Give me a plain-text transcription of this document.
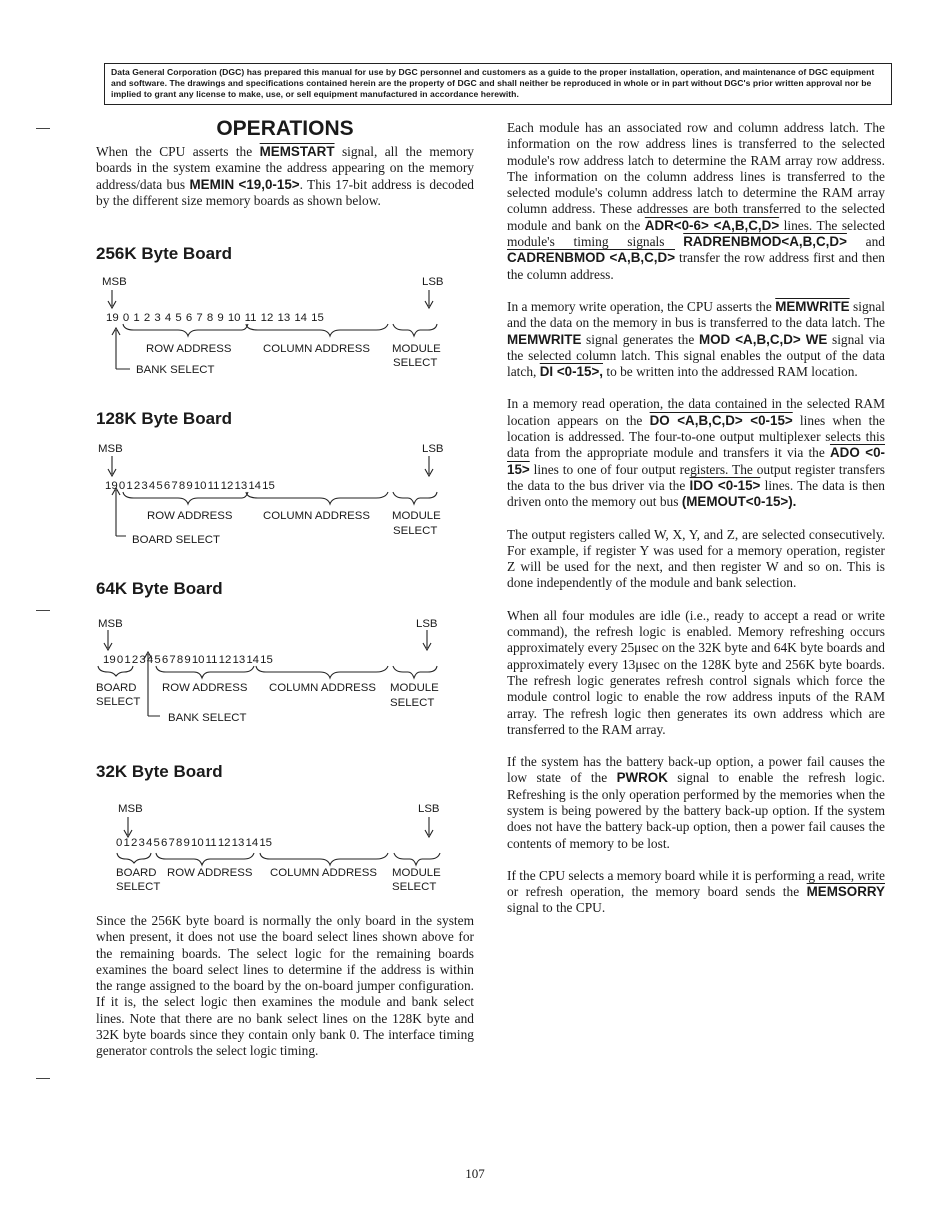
Data General Corporation (DGC) has prepared this manual for use by DGC personnel and customers as a guide to the proper installation, operation, and maintenance of DGC equipment and software. The drawings and specifications contained herein are the property of DGC and shall neither be reproduced in whole or in part without DGC's prior written approval nor be implied to grant any license to make, use, or sell equipment manufactured in accordance herewith.
OPERATIONS

When the CPU asserts the MEMSTART signal, all the memory boards in the system examine the address appearing on the memory address/data bus MEMIN <19,0-15>. This 17-bit address is decoded by the different size memory boards as shown below.

256K Byte Board
MSB	LSB
19 0 1 2 3 4 5 6 7 8 9 10 11 12 13 14 15
ROW ADDRESS	COLUMN ADDRESS MODULE
SELECT
BANK SELECT
128K Byte Board
MSB	LSB
19 0 1 2 3 4 5 6 7 8 9 10 11 12 13 14 15
ROW ADDRESS	COLUMN ADDRESS MODULE
SELECT
BOARD SELECT
64K Byte Board
MSB	LSB
19 0 1 2 3 4 5 6 7 8 9 10 11 12 13 14 15
BOARD
SELECT
ROW ADDRESS COLUMN ADDRESS MODULE
SELECT
BANK SELECT
32K Byte Board
MSB	LSB
0 1 2 3 4 5 6 7 8 9 10 11 12 13 14 15
BOARD
SELECT
ROW ADDRESS COLUMN ADDRESS MODULE
SELECT
Since the 256K byte board is normally the only board in the system when present, it does not use the board select lines shown above for the remaining boards. The select logic for the remaining boards examines the board select lines to determine if the address is within the range assigned to the board by the on-board jumper configuration. If it is, the select logic then examines the module and bank select lines. Note that there are no bank select lines on the 128K byte and 32K byte boards since they contain only bank 0. The interface timing generator controls the select logic timing.

Each module has an associated row and column address latch. The information on the row address lines is transferred to the selected module's row address latch to determine the RAM array row address. The information on the column address lines is transferred to the selected module's column address latch to determine the RAM array column address. These addresses are both transferred to the selected module and bank on the ADR<0-6> <A,B,C,D> lines. The selected module's timing signals RADRENBMOD<A,B,C,D> and CADRENBMOD <A,B,C,D> transfer the row address first and then the column address.

In a memory write operation, the CPU asserts the MEMWRITE signal and the data on the memory in bus is transferred to the data latch. The MEMWRITE signal generates the MOD <A,B,C,D> WE signal via the selected column latch. This signal enables the output of the data latch, DI <0-15>, to be written into the addressed RAM location.

In a memory read operation, the data contained in the selected RAM location appears on the DO <A,B,C,D> <0-15> lines when the location is addressed. The four-to-one output multiplexer selects this data from the appropriate module and transfers it via the ADO <0-15> lines to one of four output registers. The output register transfers the data to the bus driver via the IDO <0-15> lines. The data is then driven onto the memory out bus (MEMOUT<0-15>).

The output registers called W, X, Y, and Z, are selected consecutively. For example, if register Y was used for a memory operation, register Z will be used for the next, and then register W and so on. This is done independently of the module and bank selection.

When all four modules are idle (i.e., ready to accept a read or write command), the refresh logic is enabled. Memory refreshing occurs approximately every 25μsec on the 32K byte and 64K byte boards and approximately every 13μsec on the 128K byte and 256K byte boards. The refresh logic generates refresh control signals which force the module control logic to enable the row address inputs of the RAM array. The refresh logic then generates its own address which are transferred to the RAM array.

If the system has the battery back-up option, a power fail causes the low state of the PWROK signal to enable the refresh logic. Refreshing is the only operation performed by the memories when the system is being powered by the battery back-up option. If the system does not have the battery back-up option, then a power fail causes the contents of memory to be lost.

If the CPU selects a memory board while it is performing a read, write or refresh operation, the memory board sends the MEMSORRY signal to the CPU.

107
